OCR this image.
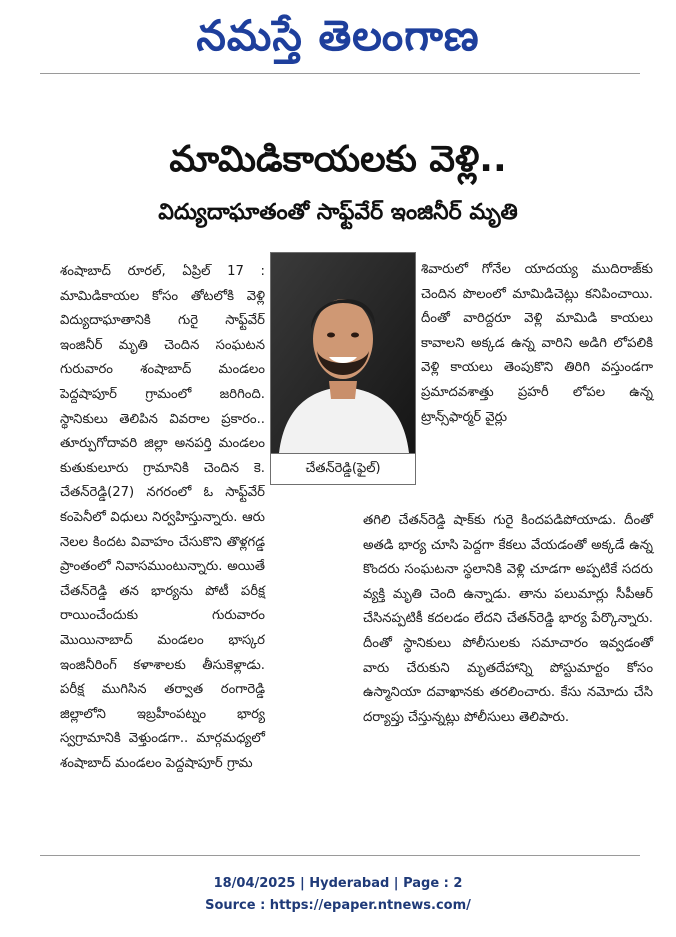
నమస్తే తెలంగాణ
మామిడికాయలకు వెళ్లి..
విద్యుదాఘాతంతో సాఫ్ట్‌వేర్ ఇంజినీర్ మృతి
శంషాబాద్ రూరల్, ఏప్రిల్ 17 : మామిడికాయల కోసం తోటలోకి వెళ్లి విద్యుదాఘాతానికి గురై సాఫ్ట్‌వేర్ ఇంజినీర్ మృతి చెందిన సంఘటన గురువారం శంషాబాద్ మండలం పెద్దషాపూర్ గ్రామంలో జరిగింది. స్థానికులు తెలిపిన వివరాల ప్రకారం.. తూర్పుగోదావరి జిల్లా అనపర్తి మండలం కుతుకులూరు గ్రామానికి చెందిన కె. చేతన్‌రెడ్డి(27) నగరంలో ఓ సాఫ్ట్‌వేర్ కంపెనీలో విధులు నిర్వహిస్తున్నారు. ఆరు నెలల కిందట వివాహం చేసుకొని తొళ్లగడ్డ ప్రాంతంలో నివాసముంటున్నారు. అయితే చేతన్‌రెడ్డి తన భార్యను పోటీ పరీక్ష రాయించేందుకు గురువారం మొయినాబాద్ మండలం భాస్కర ఇంజినీరింగ్ కళాశాలకు తీసుకెళ్లాడు. పరీక్ష ముగిసిన తర్వాత రంగారెడ్డి జిల్లాలోని ఇబ్రహీంపట్నం భార్య స్వగ్రామానికి వెళ్తుండగా.. మార్గమధ్యలో శంషాబాద్ మండలం పెద్దషాపూర్ గ్రామ
చేతన్‌రెడ్డి(ఫైల్)
శివారులో గోనేల యాదయ్య ముదిరాజ్‌కు చెందిన పొలంలో మామిడిచెట్లు కనిపించాయి. దీంతో వారిద్దరూ వెళ్లి మామిడి కాయలు కావాలని అక్కడ ఉన్న వారిని అడిగి లోపలికి వెళ్లి కాయలు తెంపుకొని తిరిగి వస్తుండగా ప్రమాదవశాత్తు ప్రహరీ లోపల ఉన్న ట్రాన్స్‌ఫార్మర్ వైర్లు
తగిలి చేతన్‌రెడ్డి షాక్‌కు గురై కిందపడిపోయాడు. దీంతో అతడి భార్య చూసి పెద్దగా కేకలు వేయడంతో అక్కడే ఉన్న కొందరు సంఘటనా స్థలానికి వెళ్లి చూడగా అప్పటికే సదరు వ్యక్తి మృతి చెంది ఉన్నాడు. తాను పలుమార్లు సీపీఆర్ చేసినప్పటికీ కదలడం లేదని చేతన్‌రెడ్డి భార్య పేర్కొన్నారు. దీంతో స్థానికులు పోలీసులకు సమాచారం ఇవ్వడంతో వారు చేరుకుని మృతదేహాన్ని పోస్టుమార్టం కోసం ఉస్మానియా దవాఖానకు తరలించారు. కేసు నమోదు చేసి దర్యాప్తు చేస్తున్నట్లు పోలీసులు తెలిపారు.
18/04/2025 | Hyderabad | Page : 2
Source : https://epaper.ntnews.com/
